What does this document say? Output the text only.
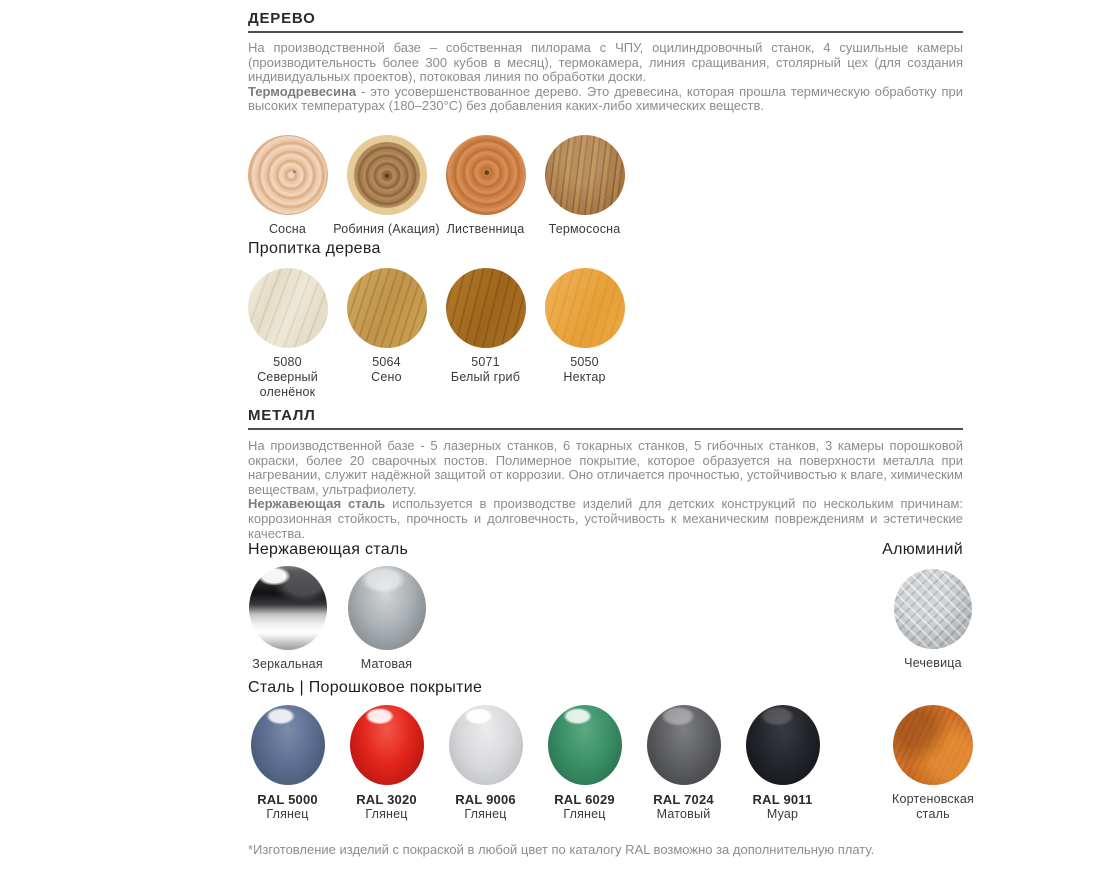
ДЕРЕВО

На производственной базе – собственная пилорама с ЧПУ, оцилиндровочный станок, 4 сушильные камеры (производительность более 300 кубов в месяц), термокамера, линия сращивания, столярный цех (для создания индивидуальных проектов), потоковая линия по обработки доски.

Термодревесина - это усовершенствованное дерево. Это древесина, которая прошла термическую обработку при высоких температурах (180–230°С) без добавления каких-либо химических веществ.

Сосна Робиния (Акация) Лиственница Термососна
Пропитка дерева
5080
Северный оленёнок
5064
Сено
5071
Белый гриб
5050
Нектар
МЕТАЛЛ

На производственной базе - 5 лазерных станков, 6 токарных станков, 5 гибочных станков, 3 камеры порошковой окраски, более 20 сварочных постов. Полимерное покрытие, которое образуется на поверхности металла при нагревании, служит надёжной защитой от коррозии. Оно отличается прочностью, устойчивостью к влаге, химическим веществам, ультрафиолету.

Нержавеющая сталь используется в производстве изделий для детских конструкций по нескольким причинам: коррозионная стойкость, прочность и долговечность, устойчивость к механическим повреждениям и эстетические качества.

Нержавеющая сталь	Алюминий
Зеркальная	Матовая	Чечевица
Сталь | Порошковое покрытие
RAL 5000
Глянец
RAL 3020
Глянец
RAL 9006
Глянец
RAL 6029
Глянец
RAL 7024
Матовый
RAL 9011
Муар
Кортеновская сталь
*Изготовление изделий с покраской в любой цвет по каталогу RAL возможно за дополнительную плату.
